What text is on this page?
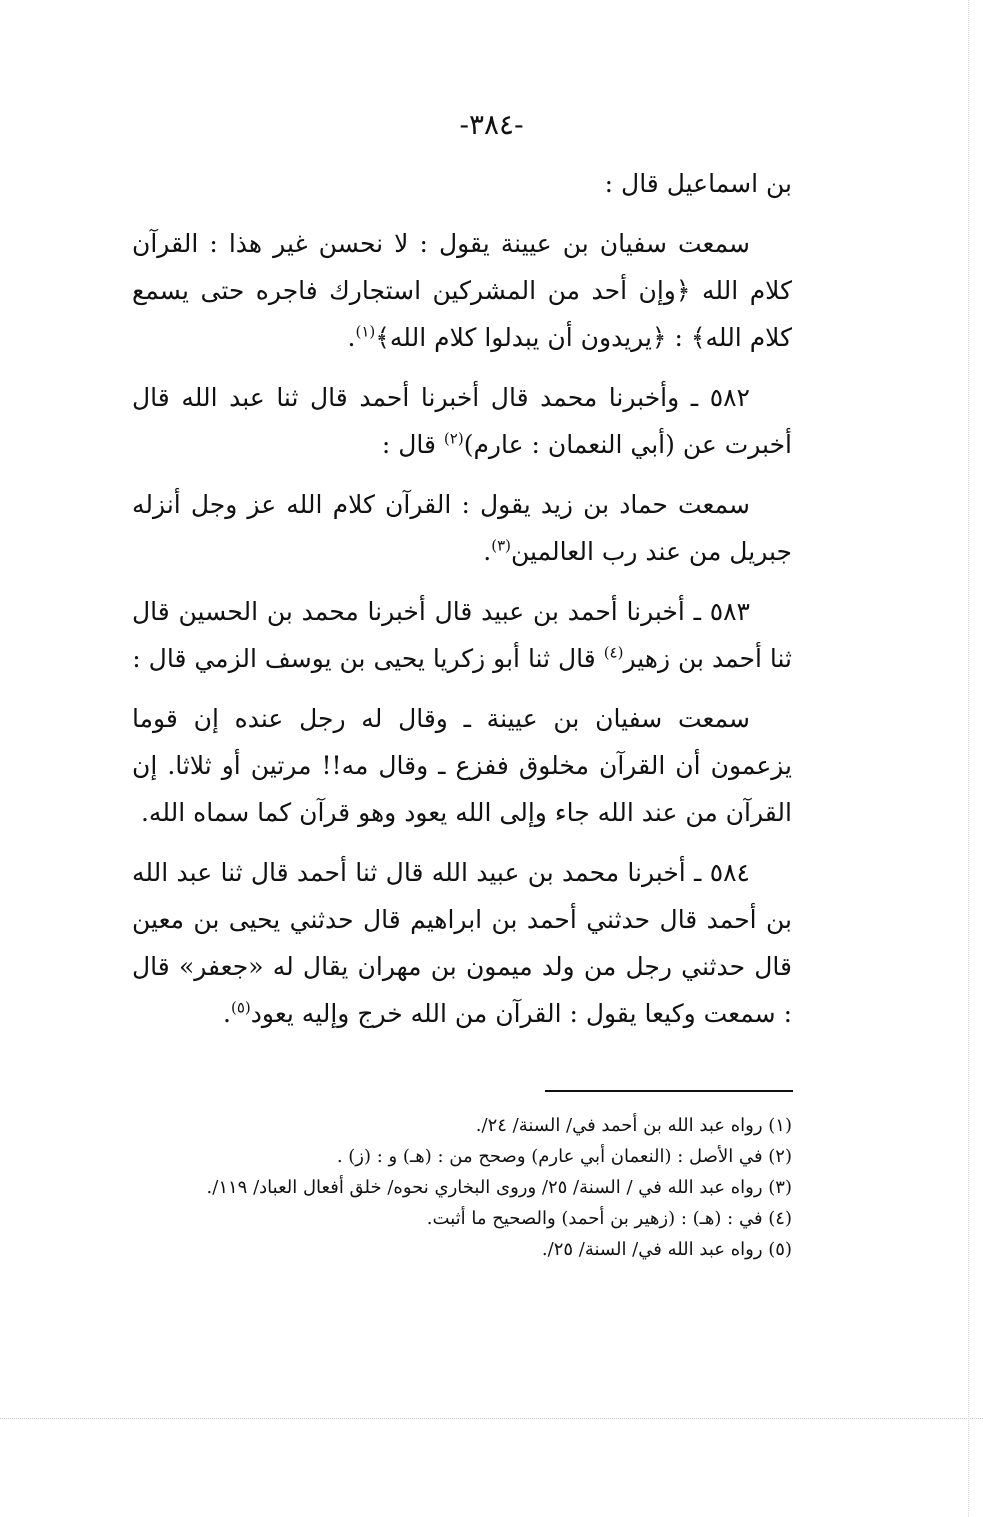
-٣٨٤-

بن اسماعيل قال :

سمعت سفيان بن عيينة يقول : لا نحسن غير هذا : القرآن كلام الله ﴿وإن أحد من المشركين استجارك فاجره حتى يسمع كلام الله﴾ : ﴿يريدون أن يبدلوا كلام الله﴾$^{(١)}$.

٥٨٢ ـ وأخبرنا محمد قال أخبرنا أحمد قال ثنا عبد الله قال أخبرت عن (أبي النعمان : عارم)$^{(٢)}$ قال :

سمعت حماد بن زيد يقول : القرآن كلام الله عز وجل أنزله جبريل من عند رب العالمين$^{(٣)}$.

٥٨٣ ـ أخبرنا أحمد بن عبيد قال أخبرنا محمد بن الحسين قال ثنا أحمد بن زهير$^{(٤)}$ قال ثنا أبو زكريا يحيى بن يوسف الزمي قال :

سمعت سفيان بن عيينة ـ وقال له رجل عنده إن قوما يزعمون أن القرآن مخلوق ففزع ـ وقال مه!! مرتين أو ثلاثا. إن القرآن من عند الله جاء وإلى الله يعود وهو قرآن كما سماه الله.

٥٨٤ ـ أخبرنا محمد بن عبيد الله قال ثنا أحمد قال ثنا عبد الله بن أحمد قال حدثني أحمد بن ابراهيم قال حدثني يحيى بن معين قال حدثني رجل من ولد ميمون بن مهران يقال له «جعفر» قال : سمعت وكيعا يقول : القرآن من الله خرج وإليه يعود$^{(٥)}$.

(١) رواه عبد الله بن أحمد في/ السنة/ ٢٤/.
(٢) في الأصل : (النعمان أبي عارم) وصحح من : (هـ) و : (ز) .
(٣) رواه عبد الله في / السنة/ ٢٥/ وروى البخاري نحوه/ خلق أفعال العباد/ ١١٩/.
(٤) في : (هـ) : (زهير بن أحمد) والصحيح ما أثبت.
(٥) رواه عبد الله في/ السنة/ ٢٥/.
